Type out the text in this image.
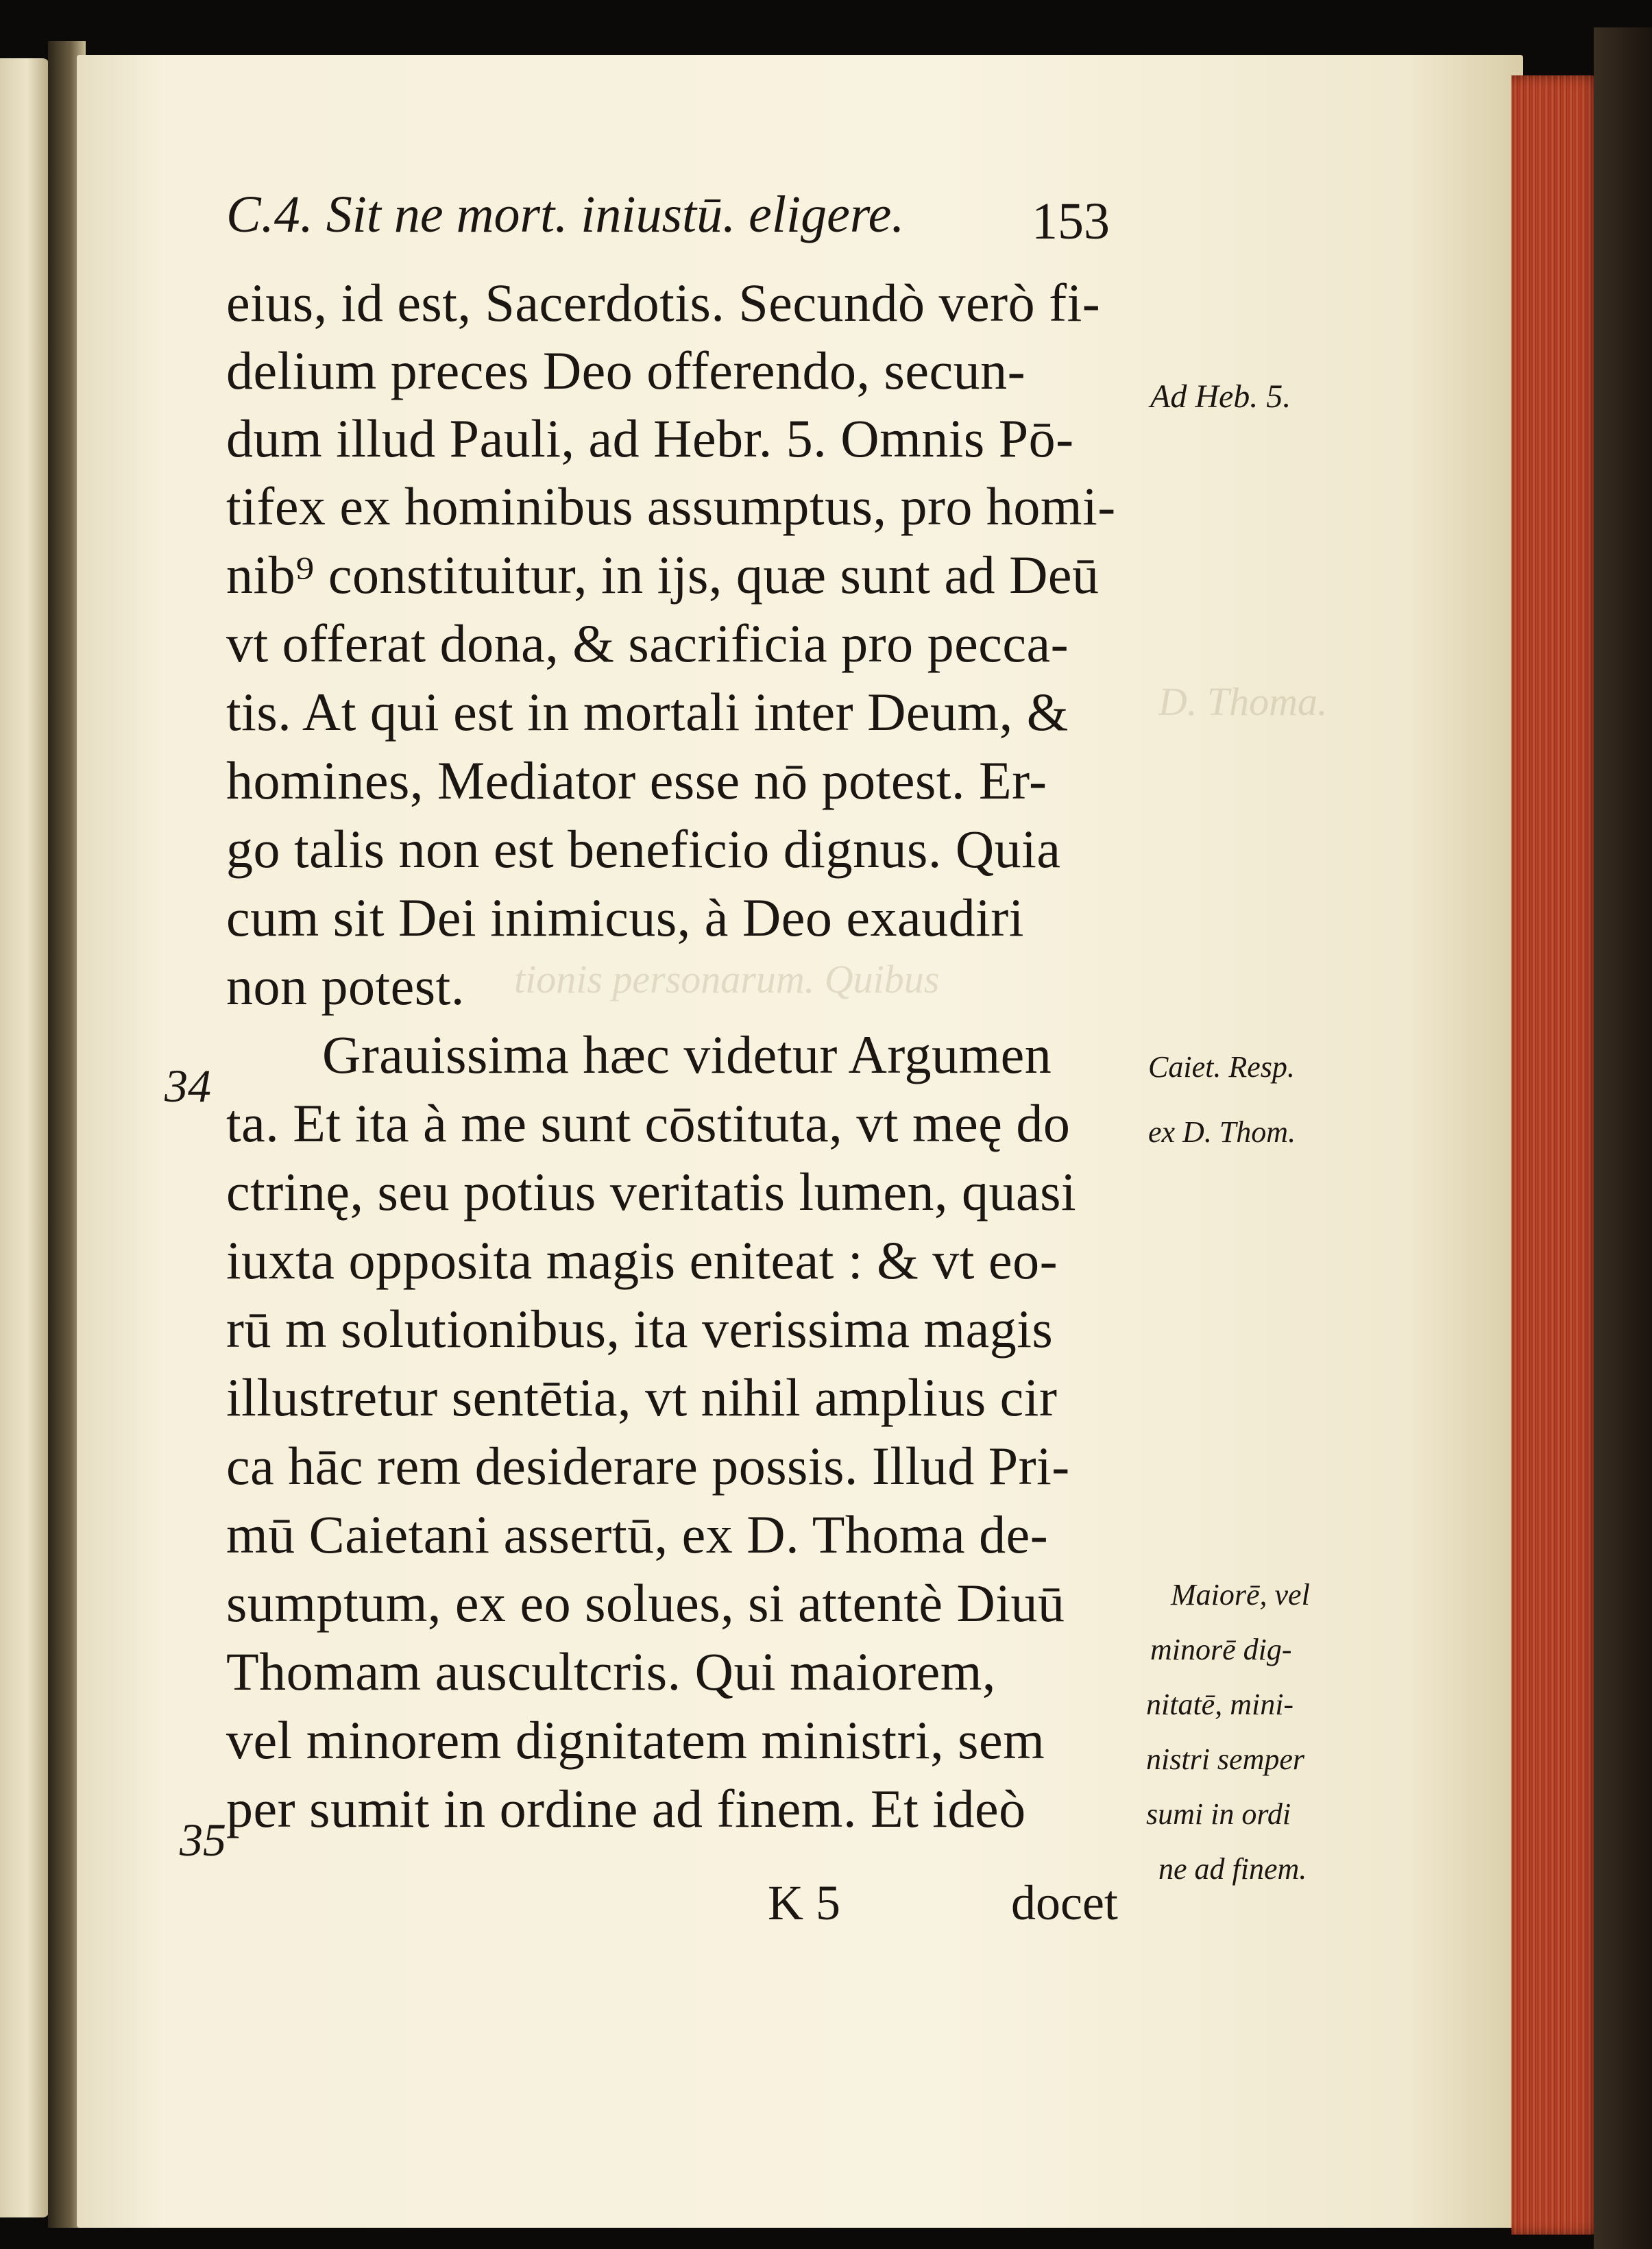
D. Thoma.
tionis personarum. Quibus
C.4. Sit ne mort. iniustū. eligere. 153
eius, id est, Sacerdotis. Secundò verò fi-
delium preces Deo offerendo, secun-
dum illud Pauli, ad Hebr. 5. Omnis Pō-
tifex ex hominibus assumptus, pro homi-
nib⁹ constituitur, in ijs, quæ sunt ad Deū
vt offerat dona, & sacrificia pro pecca-
tis. At qui est in mortali inter Deum, &
homines, Mediator esse nō potest. Er-
go talis non est beneficio dignus. Quia
cum sit Dei inimicus, à Deo exaudiri
non potest.
Grauissima hæc videtur Argumen
ta. Et ita à me sunt cōstituta, vt meę do
ctrinę, seu potius veritatis lumen, quasi
iuxta opposita magis eniteat : & vt eo-
rū m solutionibus, ita verissima magis
illustretur sentētia, vt nihil amplius cir
ca hāc rem desiderare possis. Illud Pri-
mū Caietani assertū, ex D. Thoma de-
sumptum, ex eo solues, si attentè Diuū
Thomam auscultcris. Qui maiorem,
vel minorem dignitatem ministri, sem
per sumit in ordine ad finem. Et ideò
34
35
Ad Heb. 5.
Caiet. Resp.
ex D. Thom.
Maiorē, vel
minorē dig-
nitatē, mini-
nistri semper
sumi in ordi
ne ad finem.
K 5	docet
